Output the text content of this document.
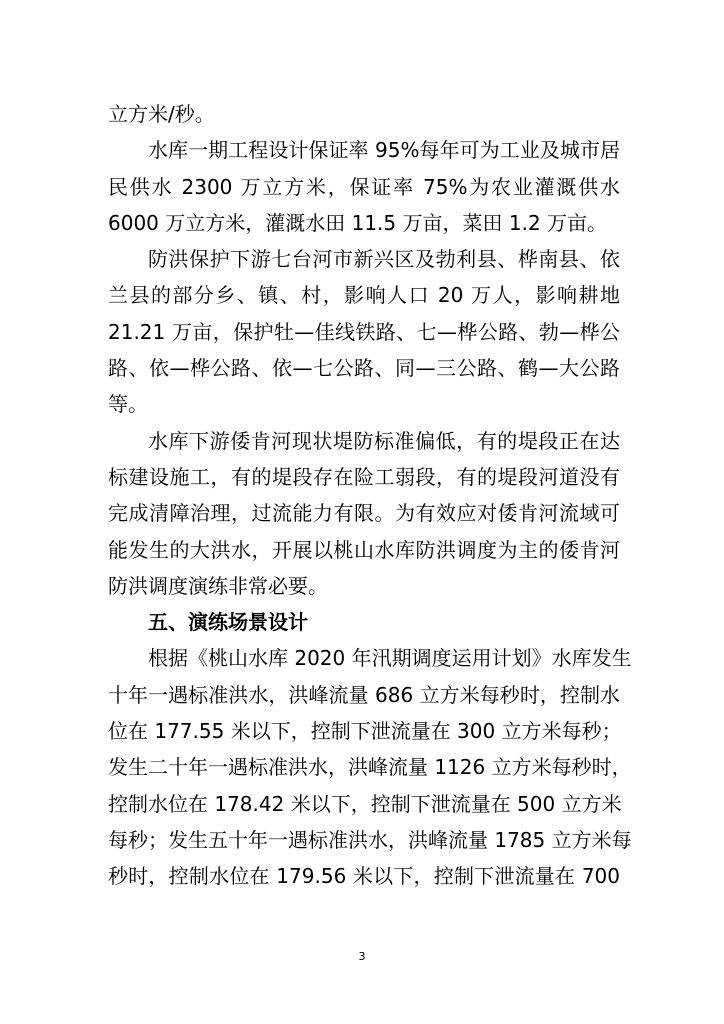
立方米/秒。
水库一期工程设计保证率 95%每年可为工业及城市居
民供水 2300 万立方米，保证率 75%为农业灌溉供水
6000 万立方米，灌溉水田 11.5 万亩，菜田 1.2 万亩。
防洪保护下游七台河市新兴区及勃利县、桦南县、依
兰县的部分乡、镇、村，影响人口 20 万人，影响耕地
21.21 万亩，保护牡—佳线铁路、七—桦公路、勃—桦公
路、依—桦公路、依—七公路、同—三公路、鹤—大公路
等。
水库下游倭肯河现状堤防标准偏低，有的堤段正在达
标建设施工，有的堤段存在险工弱段，有的堤段河道没有
完成清障治理，过流能力有限。为有效应对倭肯河流域可
能发生的大洪水，开展以桃山水库防洪调度为主的倭肯河
防洪调度演练非常必要。
五、演练场景设计
根据《桃山水库 2020 年汛期调度运用计划》水库发生
十年一遇标准洪水，洪峰流量 686 立方米每秒时，控制水
位在 177.55 米以下，控制下泄流量在 300 立方米每秒；
发生二十年一遇标准洪水，洪峰流量 1126 立方米每秒时，
控制水位在 178.42 米以下，控制下泄流量在 500 立方米
每秒；发生五十年一遇标准洪水，洪峰流量 1785 立方米每
秒时，控制水位在 179.56 米以下，控制下泄流量在 700
3
